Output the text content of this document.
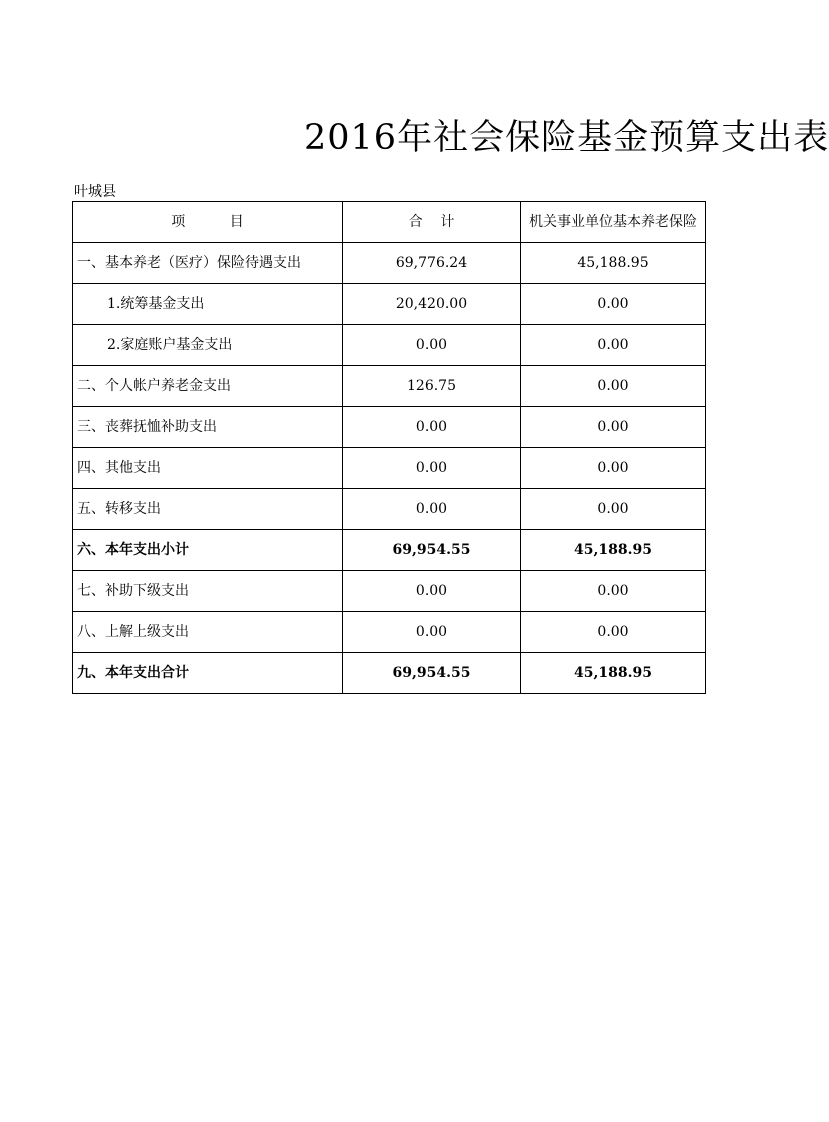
2016年社会保险基金预算支出表
叶城县
项          目	合    计	机关事业单位基本养老保险
一、基本养老（医疗）保险待遇支出	69,776.24	45,188.95
1.统筹基金支出	20,420.00	0.00
2.家庭账户基金支出	0.00	0.00
二、个人帐户养老金支出	126.75	0.00
三、丧葬抚恤补助支出	0.00	0.00
四、其他支出	0.00	0.00
五、转移支出	0.00	0.00
六、本年支出小计	69,954.55	45,188.95
七、补助下级支出	0.00	0.00
八、上解上级支出	0.00	0.00
九、本年支出合计	69,954.55	45,188.95
